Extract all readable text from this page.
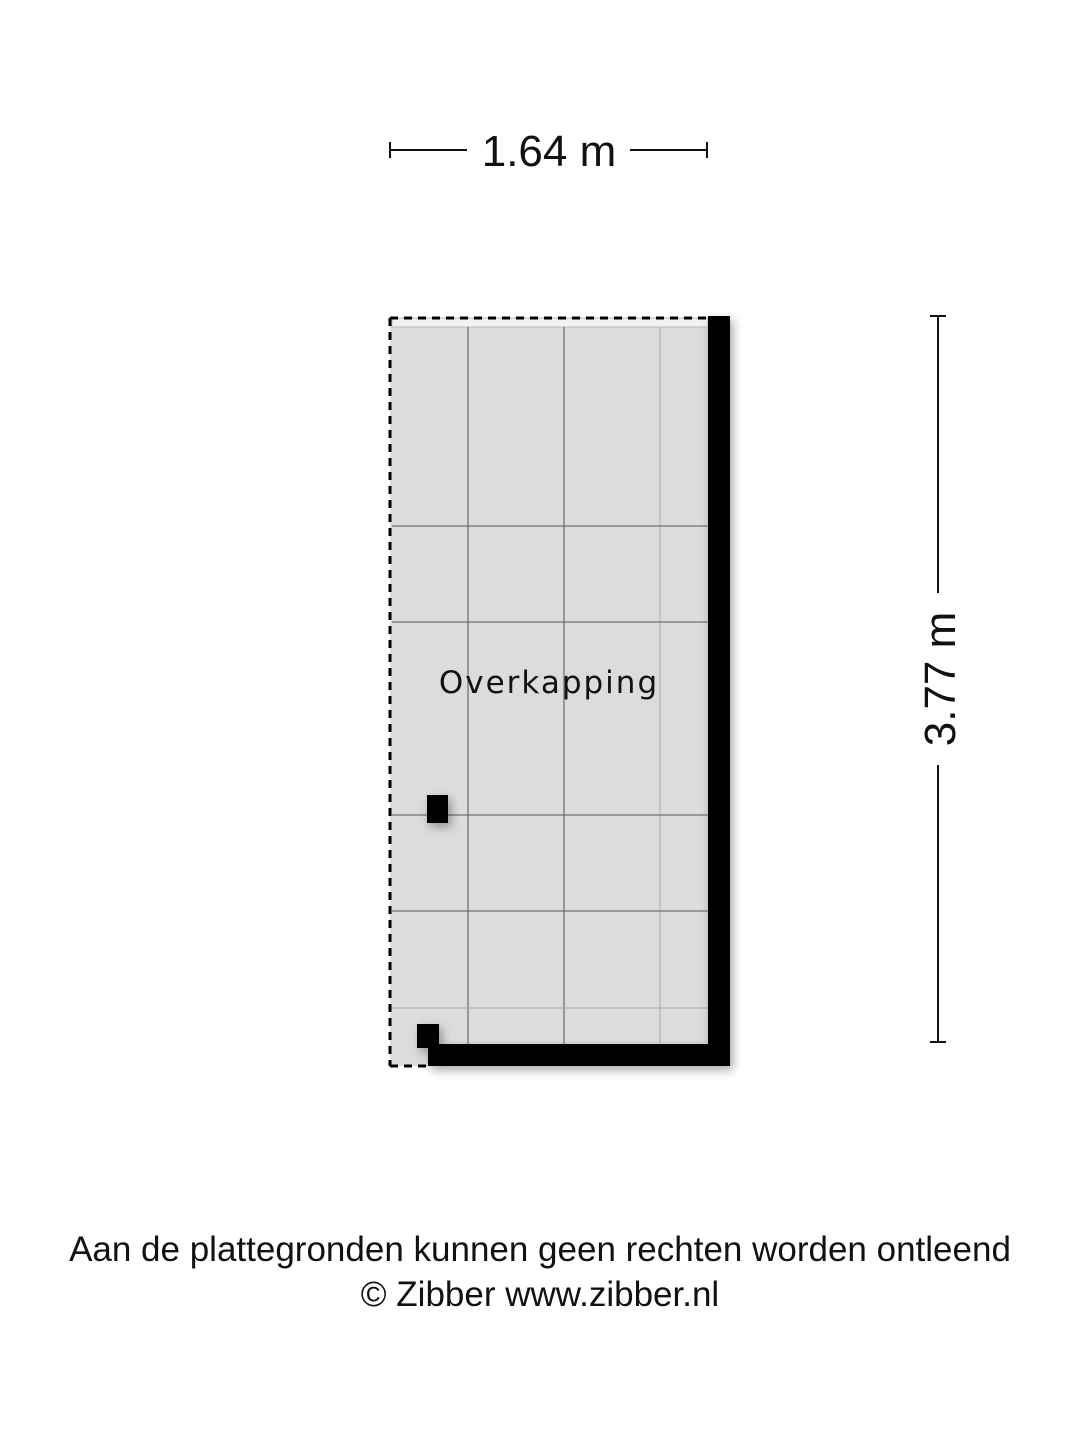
1.64 m
3.77 m
Overkapping
Aan de plattegronden kunnen geen rechten worden ontleend
© Zibber www.zibber.nl
